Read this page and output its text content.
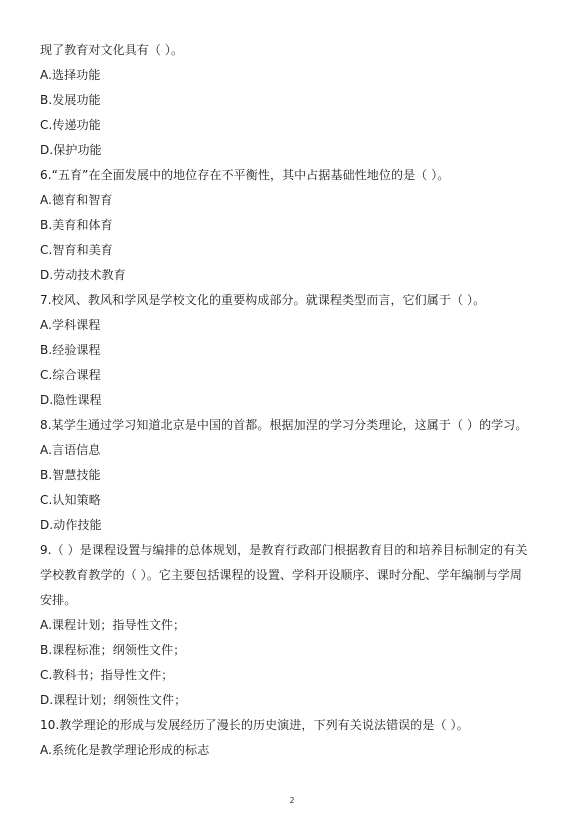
现了教育对文化具有（ ）。
A.选择功能
B.发展功能
C.传递功能
D.保护功能
6.“五育”在全面发展中的地位存在不平衡性，其中占据基础性地位的是（ ）。
A.德育和智育
B.美育和体育
C.智育和美育
D.劳动技术教育
7.校风、教风和学风是学校文化的重要构成部分。就课程类型而言，它们属于（ ）。
A.学科课程
B.经验课程
C.综合课程
D.隐性课程
8.某学生通过学习知道北京是中国的首都。根据加涅的学习分类理论，这属于（ ）的学习。
A.言语信息
B.智慧技能
C.认知策略
D.动作技能
9.（ ）是课程设置与编排的总体规划，是教育行政部门根据教育目的和培养目标制定的有关
学校教育教学的（ ）。它主要包括课程的设置、学科开设顺序、课时分配、学年编制与学周
安排。
A.课程计划；指导性文件；
B.课程标准；纲领性文件；
C.教科书；指导性文件；
D.课程计划；纲领性文件；
10.教学理论的形成与发展经历了漫长的历史演进，下列有关说法错误的是（ ）。
A.系统化是教学理论形成的标志
2
